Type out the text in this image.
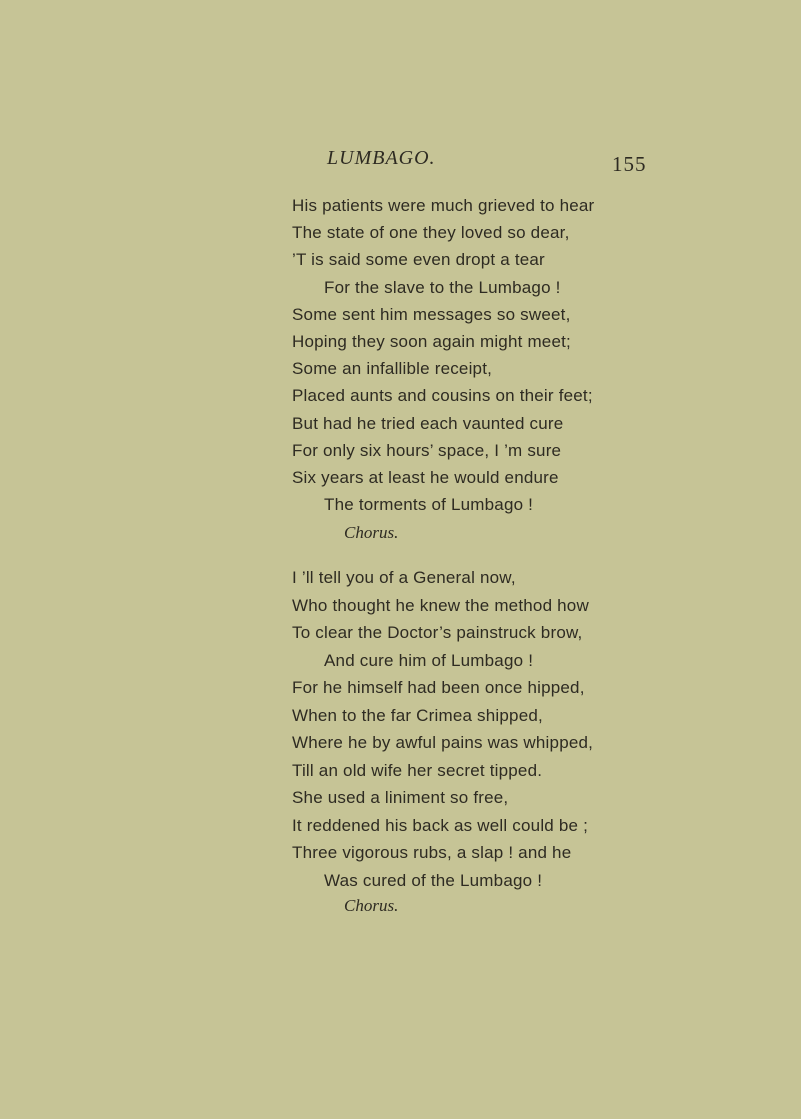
LUMBAGO.	155
His patients were much grieved to hear
The state of one they loved so dear,
’T is said some even dropt a tear
For the slave to the Lumbago !
Some sent him messages so sweet,
Hoping they soon again might meet;
Some an infallible receipt,
Placed aunts and cousins on their feet;
But had he tried each vaunted cure
For only six hours’ space, I ’m sure
Six years at least he would endure
The torments of Lumbago !
Chorus.
I ’ll tell you of a General now,
Who thought he knew the method how
To clear the Doctor’s painstruck brow,
And cure him of Lumbago !
For he himself had been once hipped,
When to the far Crimea shipped,
Where he by awful pains was whipped,
Till an old wife her secret tipped.
She used a liniment so free,
It reddened his back as well could be ;
Three vigorous rubs, a slap ! and he
Was cured of the Lumbago !
Chorus.
